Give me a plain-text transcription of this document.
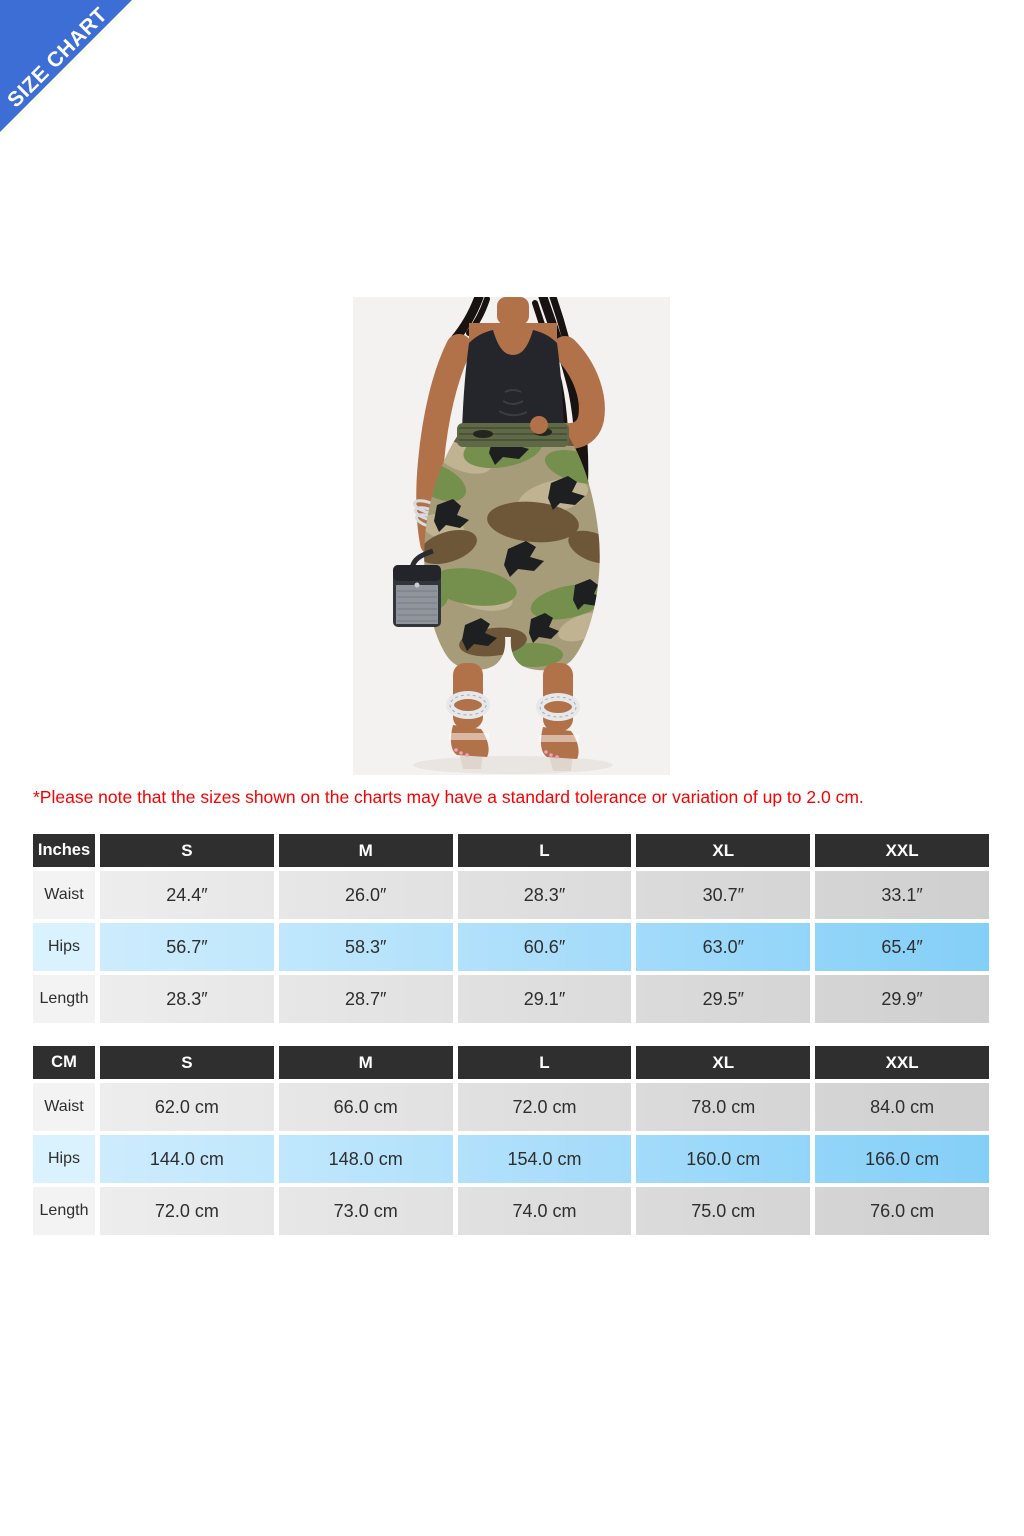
SIZE CHART

*Please note that the sizes shown on the charts may have a standard tolerance or variation of up to 2.0 cm.

Inches	S	M	L	XL	XXL
Waist	24.4″	26.0″	28.3″	30.7″	33.1″
Hips	56.7″	58.3″	60.6″	63.0″	65.4″
Length	28.3″	28.7″	29.1″	29.5″	29.9″
CM	S	M	L	XL	XXL
Waist	62.0 cm	66.0 cm	72.0 cm	78.0 cm	84.0 cm
Hips	144.0 cm	148.0 cm	154.0 cm	160.0 cm	166.0 cm
Length	72.0 cm	73.0 cm	74.0 cm	75.0 cm	76.0 cm
